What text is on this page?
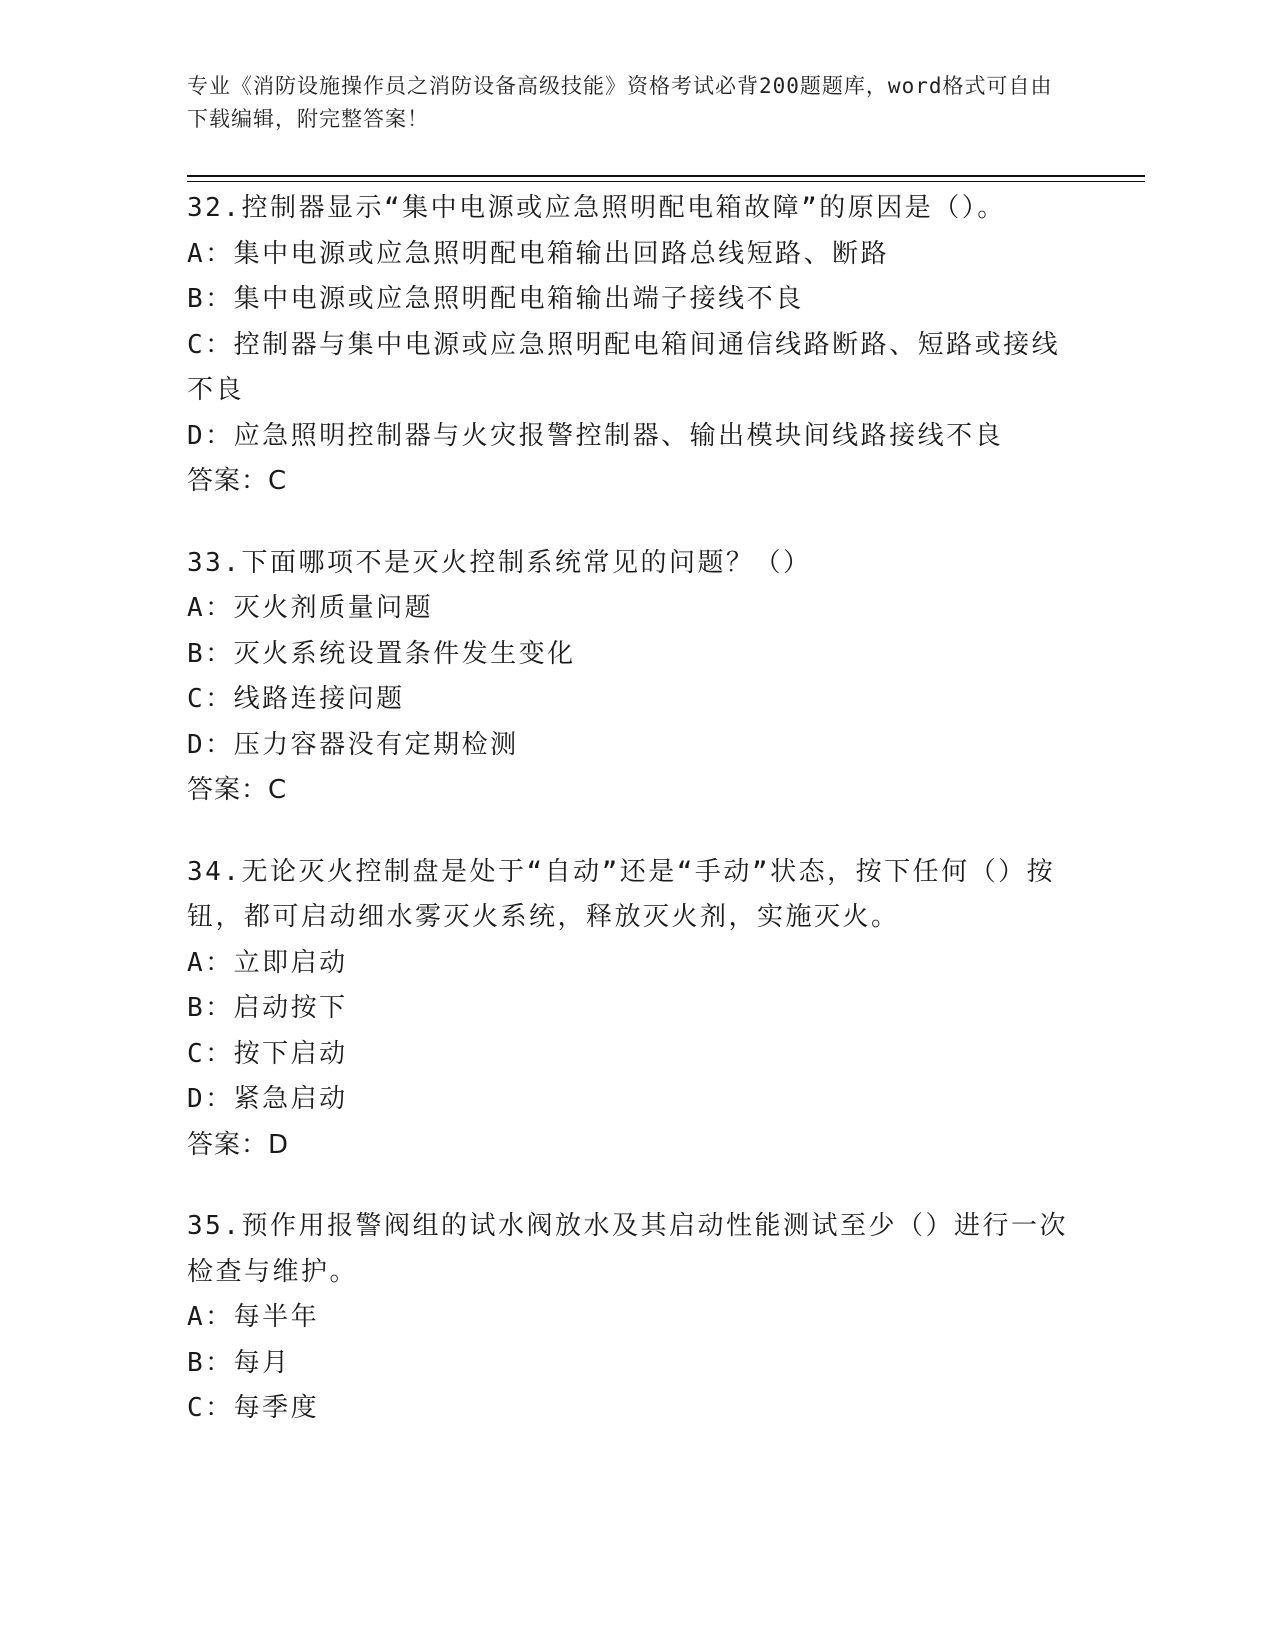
专业《消防设施操作员之消防设备高级技能》资格考试必背200题题库，word格式可自由下载编辑，附完整答案！
32.控制器显示“集中电源或应急照明配电箱故障”的原因是（）。
A：集中电源或应急照明配电箱输出回路总线短路、断路
B：集中电源或应急照明配电箱输出端子接线不良
C：控制器与集中电源或应急照明配电箱间通信线路断路、短路或接线不良
D：应急照明控制器与火灾报警控制器、输出模块间线路接线不良
答案：C
33.下面哪项不是灭火控制系统常见的问题？（）
A：灭火剂质量问题
B：灭火系统设置条件发生变化
C：线路连接问题
D：压力容器没有定期检测
答案：C
34.无论灭火控制盘是处于“自动”还是“手动”状态，按下任何（）按钮，都可启动细水雾灭火系统，释放灭火剂，实施灭火。
A：立即启动
B：启动按下
C：按下启动
D：紧急启动
答案：D
35.预作用报警阀组的试水阀放水及其启动性能测试至少（）进行一次检查与维护。
A：每半年
B：每月
C：每季度
